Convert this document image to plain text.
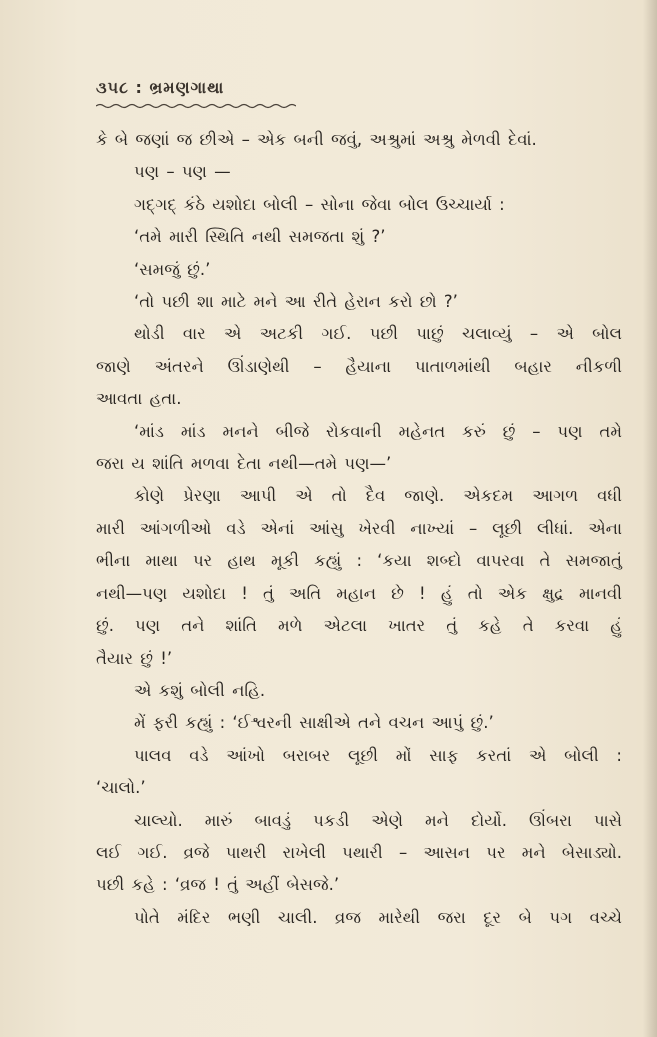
૩૫૮ : ભ્રમણગાથા

કે બે જણાં જ છીએ – એક બની જવું, અશ્રુમાં અશ્રુ મેળવી દેવાં.

પણ – પણ —

ગદ્ગદ્ કંઠે યશોદા બોલી – સોના જેવા બોલ ઉચ્ચાર્યા :

‘તમે મારી સ્થિતિ નથી સમજતા શું ?’

‘સમજું છું.’

‘તો પછી શા માટે મને આ રીતે હેરાન કરો છો ?’

થોડી વાર એ અટકી ગઈ. પછી પાછું ચલાવ્યું – એ બોલ

જાણે અંતરને ઊંડાણેથી – હૈયાના પાતાળમાંથી બહાર નીકળી

આવતા હતા.

‘માંડ માંડ મનને બીજે રોકવાની મહેનત કરું છું – પણ તમે

જરા ય શાંતિ મળવા દેતા નથી—તમે પણ—’

કોણે પ્રેરણા આપી એ તો દૈવ જાણે. એકદમ આગળ વધી

મારી આંગળીઓ વડે એનાં આંસુ ખેરવી નાખ્યાં – લૂછી લીધાં. એના

ભીના માથા પર હાથ મૂકી કહ્યું : ‘કયા શબ્દો વાપરવા તે સમજાતું

નથી—પણ યશોદા ! તું અતિ મહાન છે ! હું તો એક ક્ષુદ્ર માનવી

છું. પણ તને શાંતિ મળે એટલા ખાતર તું કહે તે કરવા હું

તૈયાર છું !’

એ કશું બોલી નહિ.

મેં ફરી કહ્યું : ‘ઈશ્વરની સાક્ષીએ તને વચન આપું છું.’

પાલવ વડે આંખો બરાબર લૂછી મોં સાફ કરતાં એ બોલી :

‘ચાલો.’

ચાલ્યો. મારું બાવડું પકડી એણે મને દોર્યો. ઊંબરા પાસે

લઈ ગઈ. વ્રજે પાથરી રાખેલી પથારી – આસન પર મને બેસાડ્યો.

પછી કહે : ‘વ્રજ ! તું અહીં બેસજે.’

પોતે મંદિર ભણી ચાલી. વ્રજ મારેથી જરા દૂર બે પગ વચ્ચે
